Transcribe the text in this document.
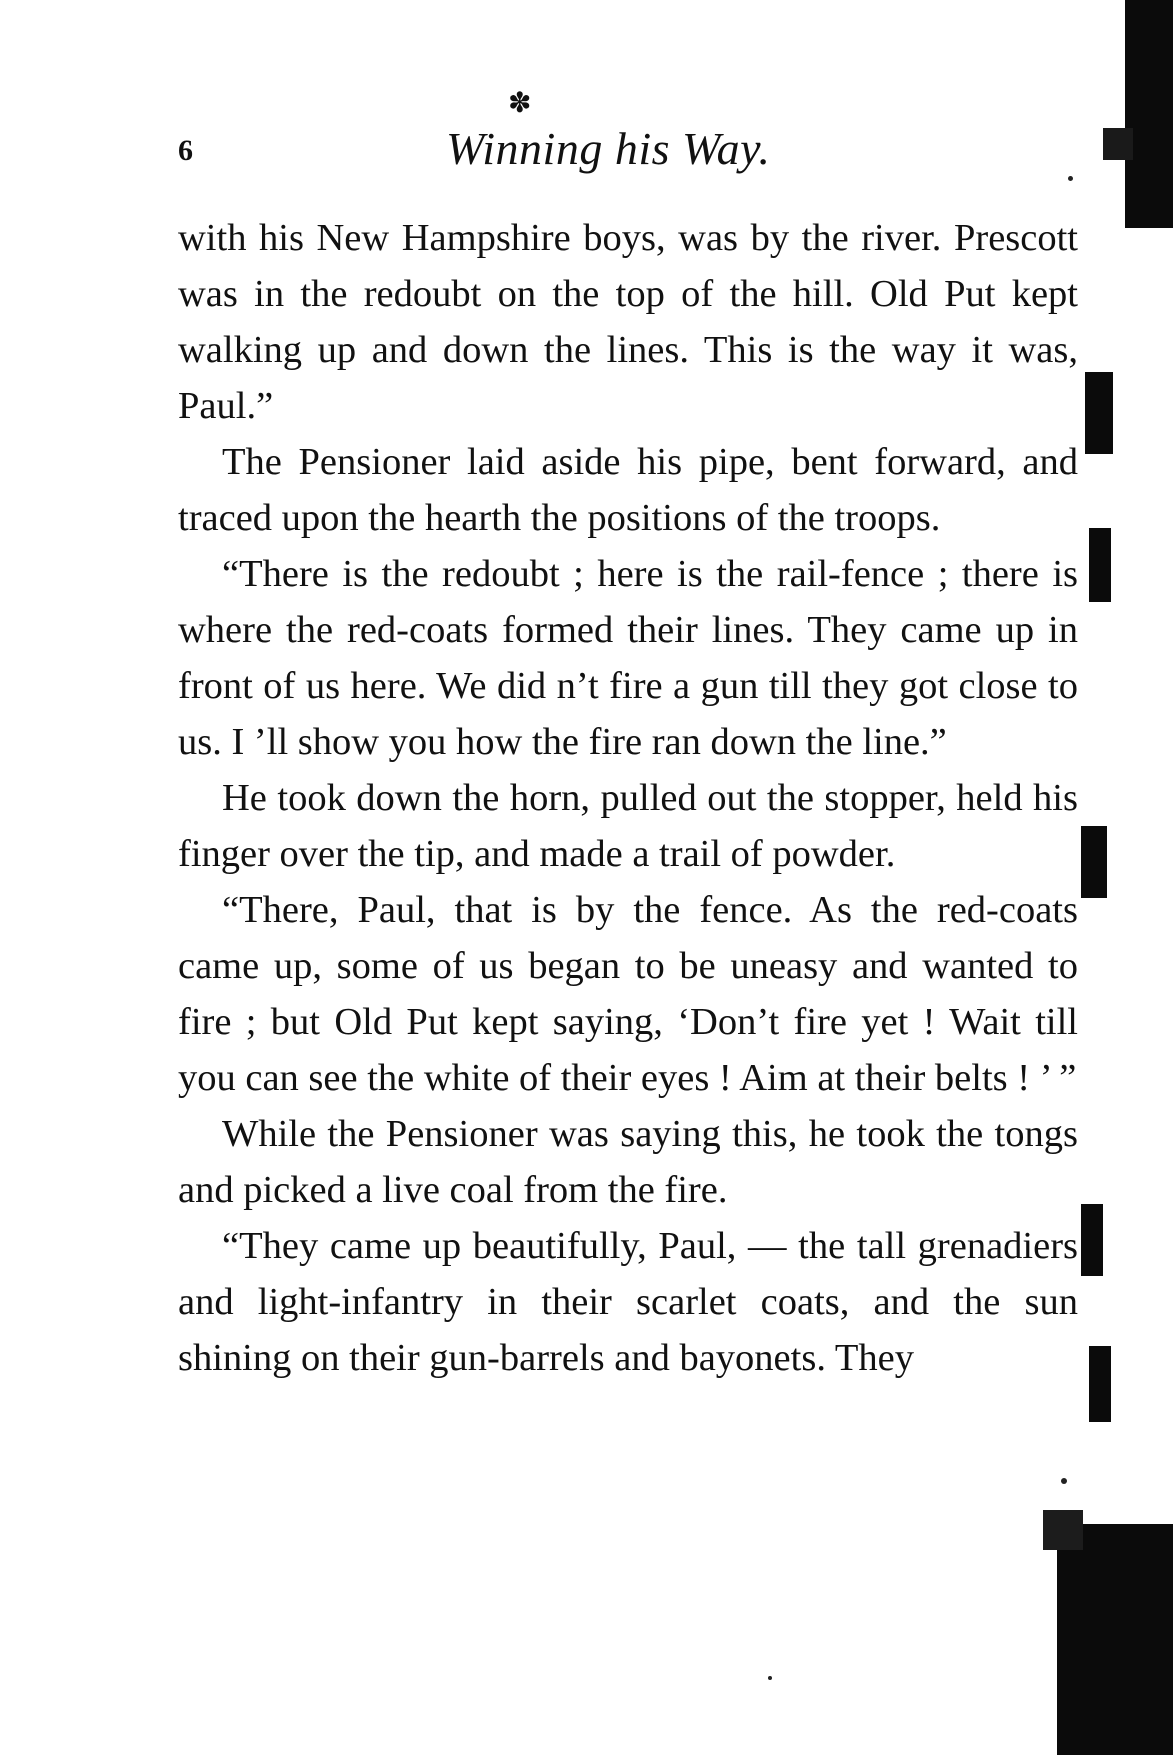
6
✽
Winning his Way.

with his New Hampshire boys, was by the river. Prescott was in the redoubt on the top of the hill. Old Put kept walking up and down the lines. This is the way it was, Paul.”

The Pensioner laid aside his pipe, bent forward, and traced upon the hearth the positions of the troops.

“There is the redoubt ; here is the rail-fence ; there is where the red-coats formed their lines. They came up in front of us here. We did n’t fire a gun till they got close to us. I ’ll show you how the fire ran down the line.”

He took down the horn, pulled out the stopper, held his finger over the tip, and made a trail of powder.

“There, Paul, that is by the fence. As the red-coats came up, some of us began to be uneasy and wanted to fire ; but Old Put kept saying, ‘Don’t fire yet ! Wait till you can see the white of their eyes ! Aim at their belts ! ’ ”

While the Pensioner was saying this, he took the tongs and picked a live coal from the fire.

“They came up beautifully, Paul, — the tall grenadiers and light-infantry in their scarlet coats, and the sun shining on their gun-barrels and bayonets. They
